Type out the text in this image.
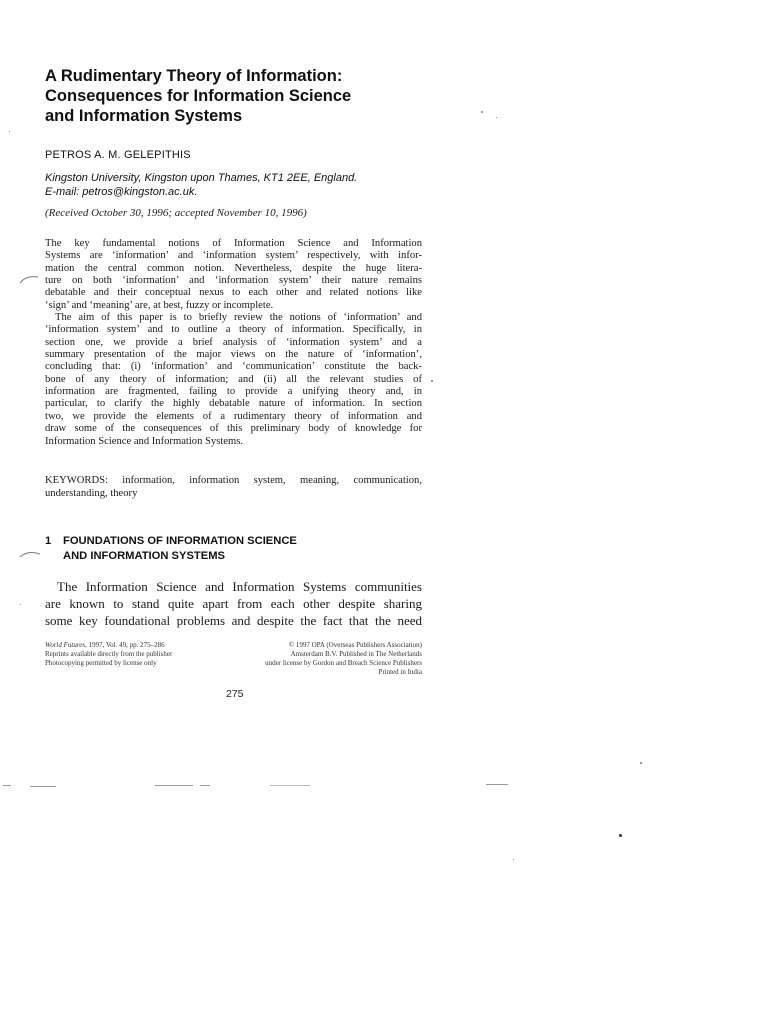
A Rudimentary Theory of Information:
Consequences for Information Science
and Information Systems
PETROS A. M. GELEPITHIS
Kingston University, Kingston upon Thames, KT1 2EE, England.
E-mail: petros@kingston.ac.uk.
(Received October 30, 1996; accepted November 10, 1996)
The key fundamental notions of Information Science and Information
Systems are ‘information’ and ‘information system’ respectively, with infor-
mation the central common notion. Nevertheless, despite the huge litera-
ture on both ‘information’ and ‘information system’ their nature remains
debatable and their conceptual nexus to each other and related notions like
‘sign’ and ‘meaning’ are, at best, fuzzy or incomplete.
The aim of this paper is to briefly review the notions of ‘information’ and
‘information system’ and to outline a theory of information. Specifically, in
section one, we provide a brief analysis of ‘information system’ and a
summary presentation of the major views on the nature of ‘information’,
concluding that: (i) ‘information’ and ‘communication’ constitute the back-
bone of any theory of information; and (ii) all the relevant studies of
information are fragmented, failing to provide a unifying theory and, in
particular, to clarify the highly debatable nature of information. In section
two, we provide the elements of a rudimentary theory of information and
draw some of the consequences of this preliminary body of knowledge for
Information Science and Information Systems.
KEYWORDS: information, information system, meaning, communication,
understanding, theory
1 FOUNDATIONS OF INFORMATION SCIENCE
AND INFORMATION SYSTEMS
The Information Science and Information Systems communities
are known to stand quite apart from each other despite sharing
some key foundational problems and despite the fact that the need
World Futures, 1997, Vol. 49, pp. 275–286
Reprints available directly from the publisher
Photocopying permitted by license only
© 1997 OPA (Overseas Publishers Association)
Amsterdam B.V. Published in The Netherlands
under license by Gordon and Breach Science Publishers
Printed in India
275
